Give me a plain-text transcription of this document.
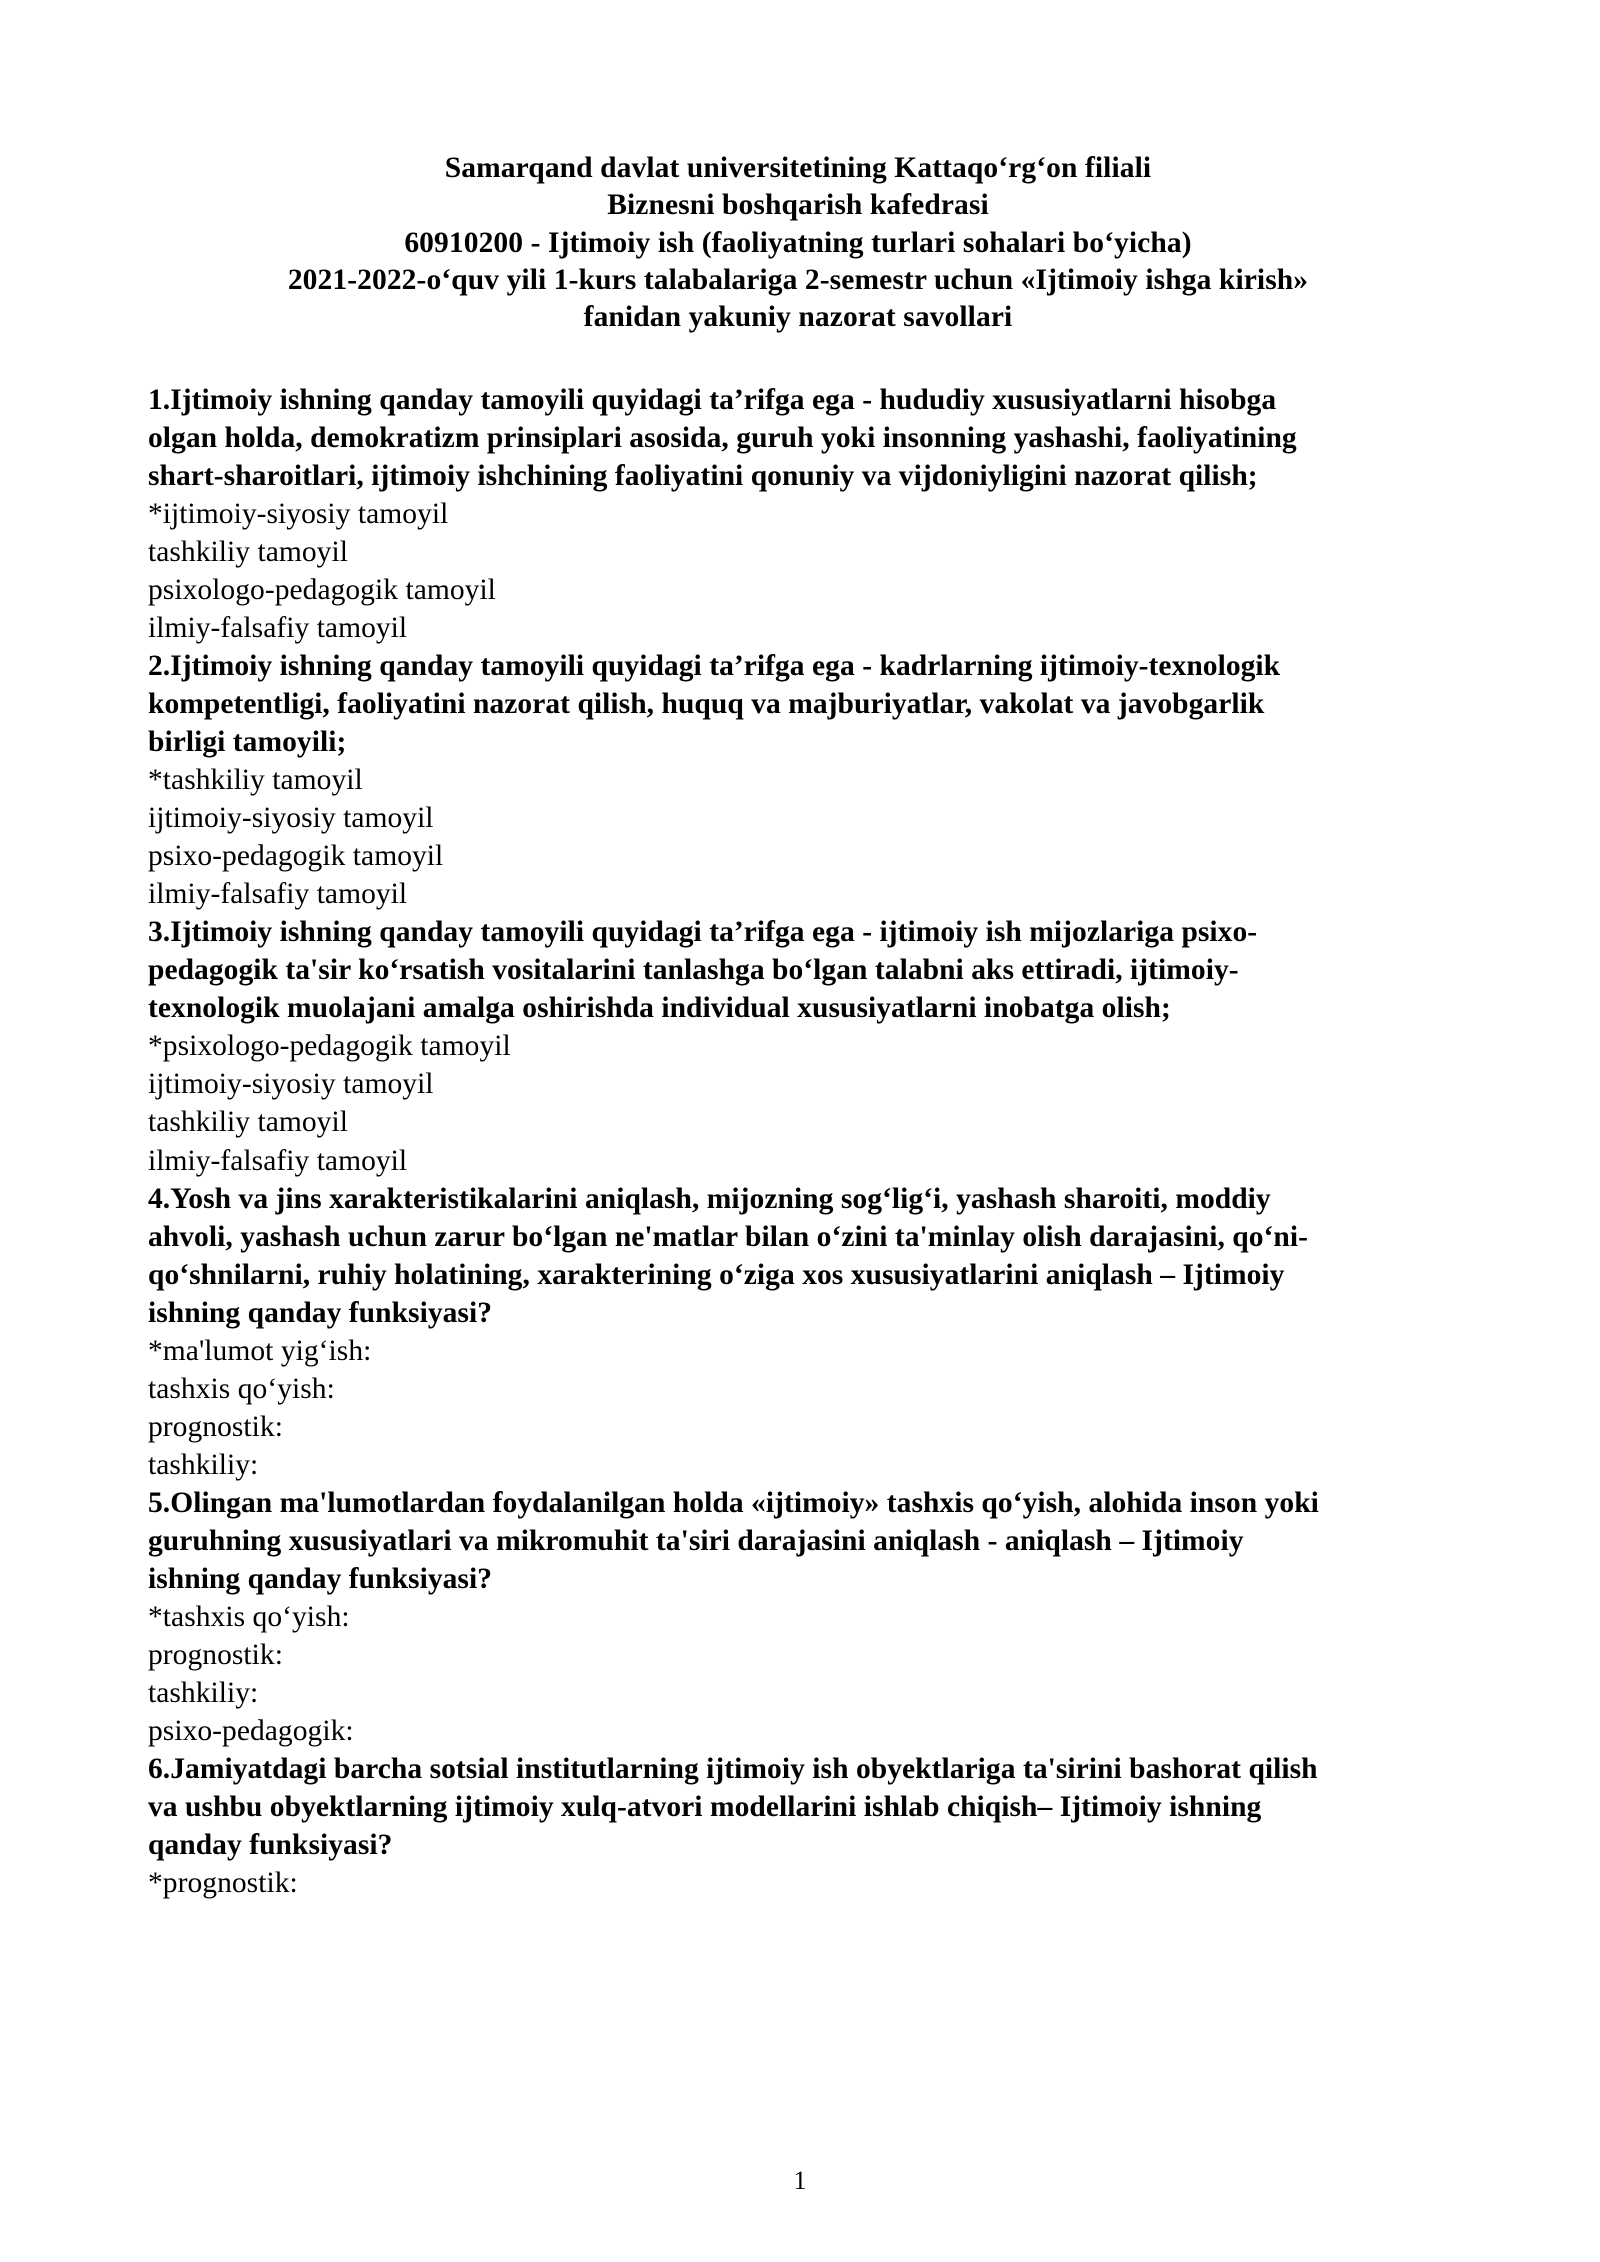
Samarqand davlat universitetining Kattaqo‘rg‘on filiali
Biznesni boshqarish kafedrasi
60910200 - Ijtimoiy ish (faoliyatning turlari sohalari bo‘yicha)
2021-2022-o‘quv yili 1-kurs talabalariga 2-semestr uchun «Ijtimoiy ishga kirish»
fanidan yakuniy nazorat savollari

1.Ijtimoiy ishning qanday tamoyili quyidagi ta’rifga ega - hududiy xususiyatlarni hisobga olgan holda, demokratizm prinsiplari asosida, guruh yoki insonning yashashi, faoliyatining shart-sharoitlari, ijtimoiy ishchining faoliyatini qonuniy va vijdoniyligini nazorat qilish;

*ijtimoiy-siyosiy tamoyil

tashkiliy tamoyil

psixologo-pedagogik tamoyil

ilmiy-falsafiy tamoyil

2.Ijtimoiy ishning qanday tamoyili quyidagi ta’rifga ega - kadrlarning ijtimoiy-texnologik kompetentligi, faoliyatini nazorat qilish, huquq va majburiyatlar, vakolat va javobgarlik birligi tamoyili;

*tashkiliy tamoyil

ijtimoiy-siyosiy tamoyil

psixo-pedagogik tamoyil

ilmiy-falsafiy tamoyil

3.Ijtimoiy ishning qanday tamoyili quyidagi ta’rifga ega - ijtimoiy ish mijozlariga psixo-pedagogik ta'sir ko‘rsatish vositalarini tanlashga bo‘lgan talabni aks ettiradi, ijtimoiy- texnologik muolajani amalga oshirishda individual xususiyatlarni inobatga olish;

*psixologo-pedagogik tamoyil

ijtimoiy-siyosiy tamoyil

tashkiliy tamoyil

ilmiy-falsafiy tamoyil

4.Yosh va jins xarakteristikalarini aniqlash, mijozning sog‘lig‘i, yashash sharoiti, moddiy ahvoli, yashash uchun zarur bo‘lgan ne'matlar bilan o‘zini ta'minlay olish darajasini, qo‘ni-qo‘shnilarni, ruhiy holatining, xarakterining o‘ziga xos xususiyatlarini aniqlash – Ijtimoiy ishning qanday funksiyasi?

*ma'lumot yig‘ish:

tashxis qo‘yish:

prognostik:

tashkiliy:

5.Olingan ma'lumotlardan foydalanilgan holda «ijtimoiy» tashxis qo‘yish, alohida inson yoki guruhning xususiyatlari va mikromuhit ta'siri darajasini aniqlash - aniqlash – Ijtimoiy ishning qanday funksiyasi?

*tashxis qo‘yish:

prognostik:

tashkiliy:

psixo-pedagogik:

6.Jamiyatdagi barcha sotsial institutlarning ijtimoiy ish obyektlariga ta'sirini bashorat qilish va ushbu obyektlarning ijtimoiy xulq-atvori modellarini ishlab chiqish– Ijtimoiy ishning qanday funksiyasi?

*prognostik:

1
